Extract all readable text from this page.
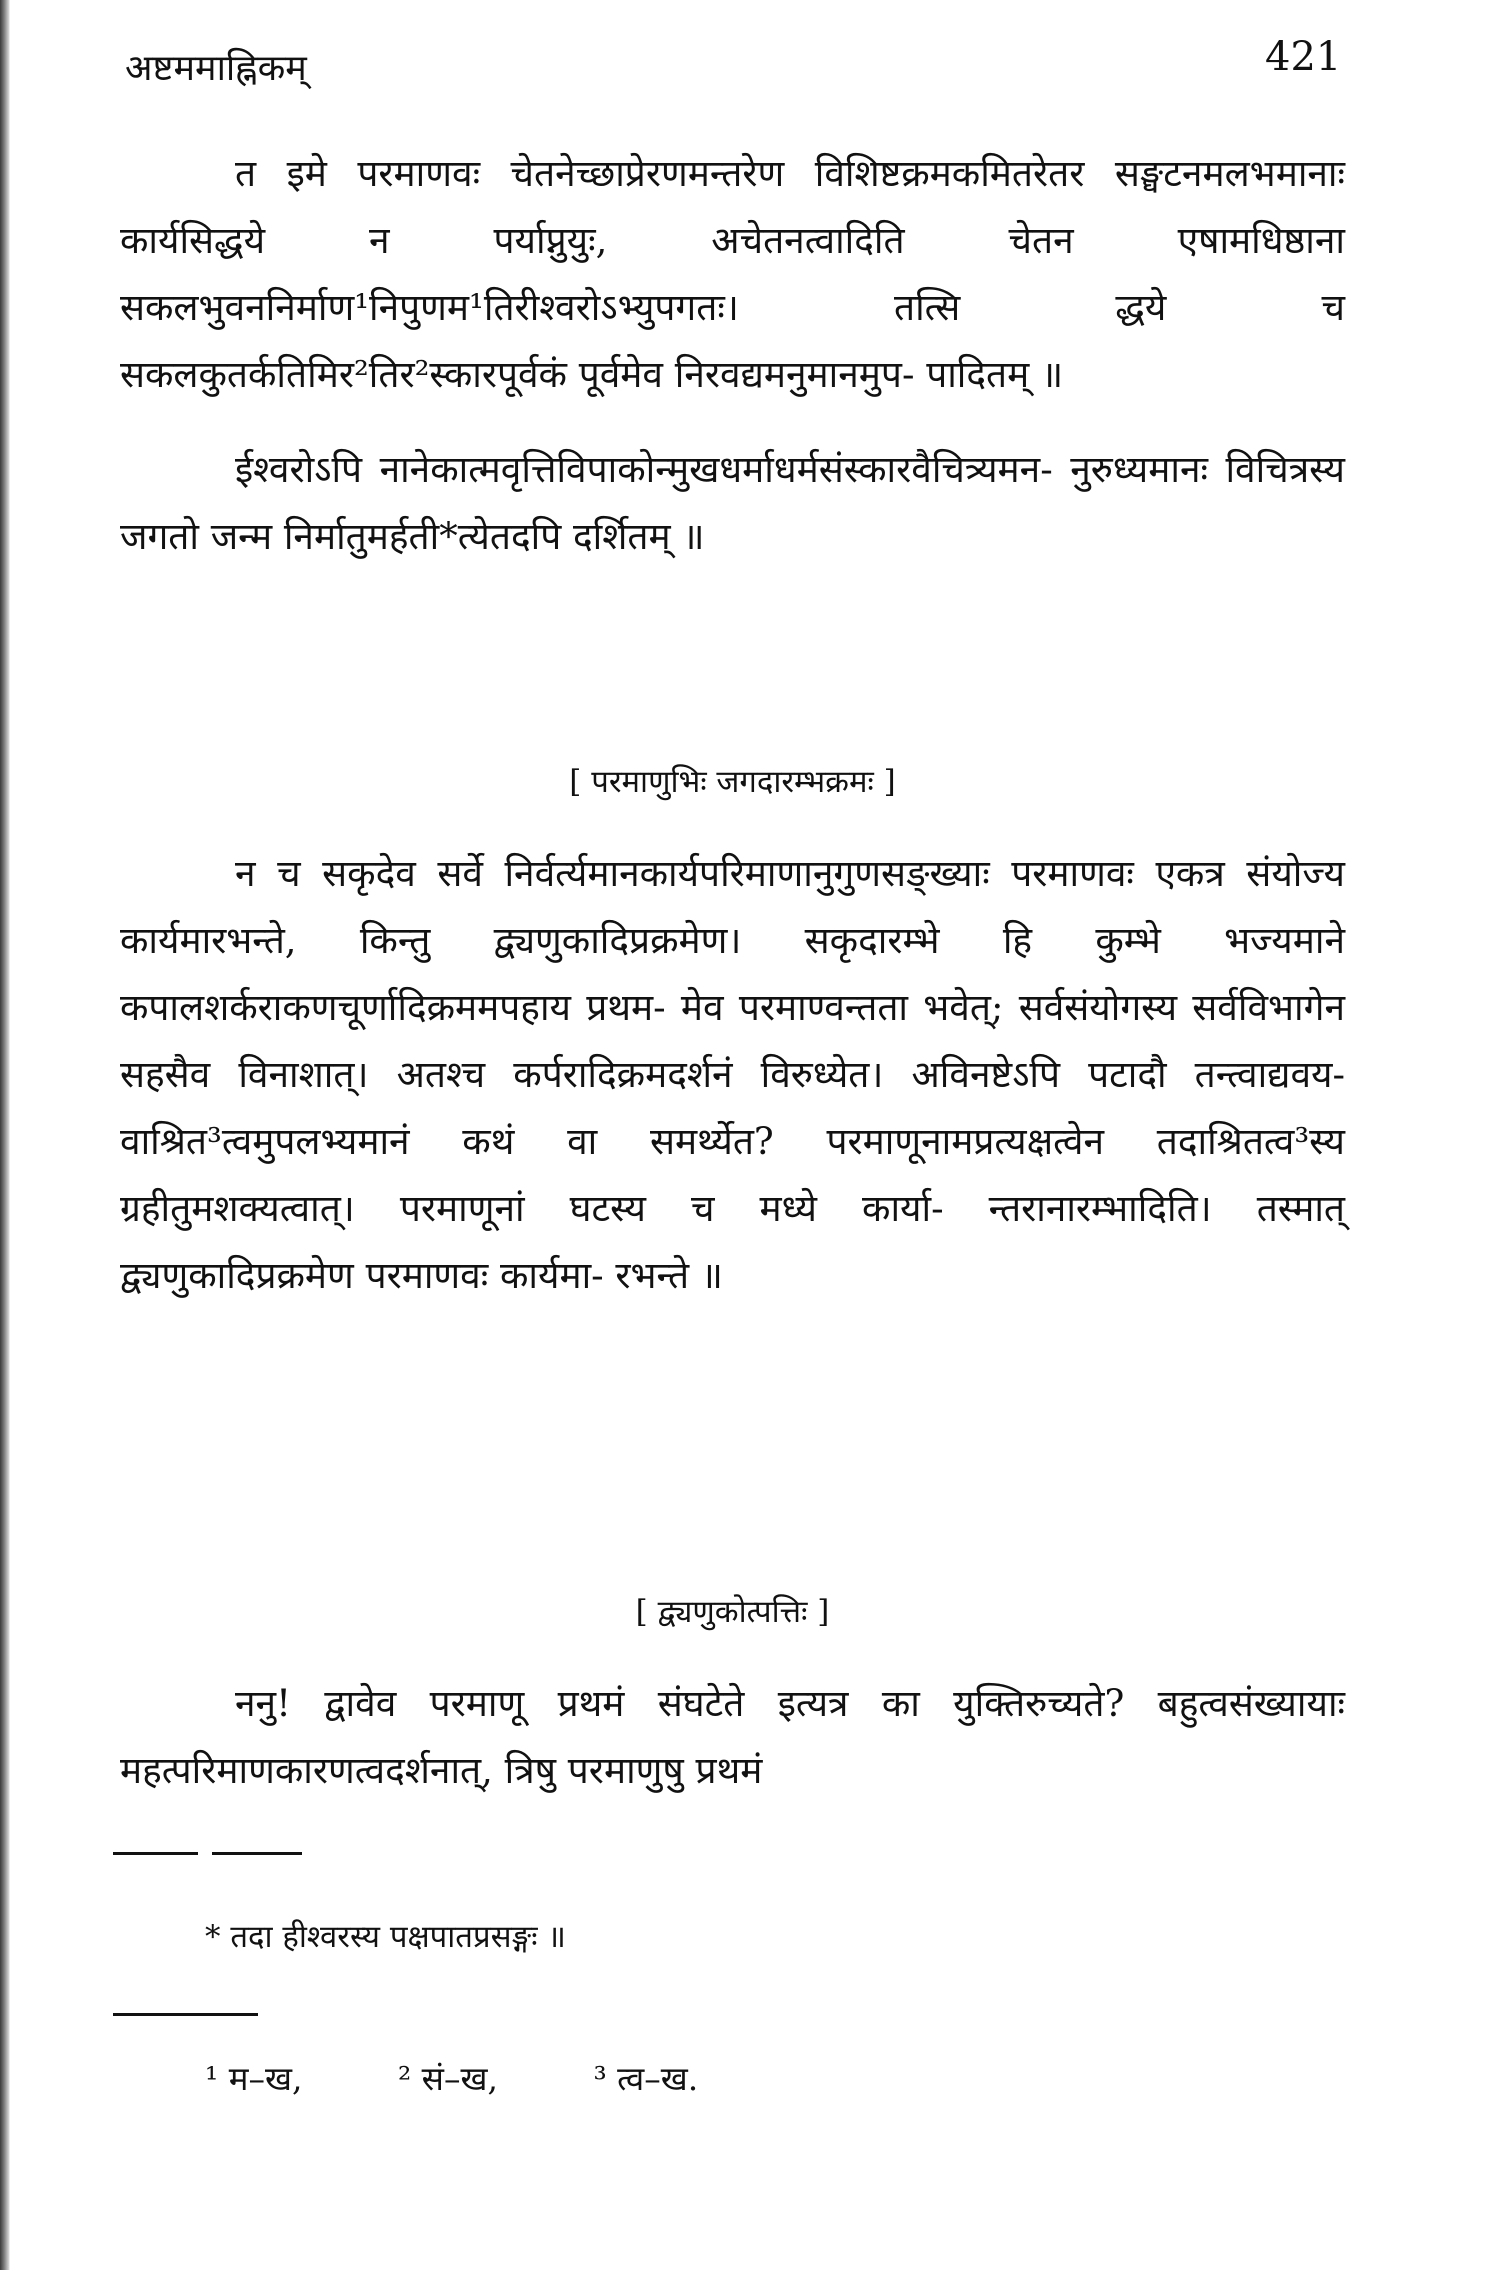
अष्टममाह्निकम्	421

त इमे परमाणवः चेतनेच्छाप्रेरणमन्तरेण विशिष्टक्रमकमितरेतर सङ्घटनमलभमानाः कार्यसिद्धये न पर्याप्नुयुः, अचेतनत्वादिति चेतन एषामधिष्ठाना सकलभुवननिर्माण¹निपुणम¹तिरीश्वरोऽभ्युपगतः। तत्सि द्धये च सकलकुतर्कतिमिर²तिर²स्कारपूर्वकं पूर्वमेव निरवद्यमनुमानमुप- पादितम् ॥

ईश्वरोऽपि नानेकात्मवृत्तिविपाकोन्मुखधर्माधर्मसंस्कारवैचित्र्यमन- नुरुध्यमानः विचित्रस्य जगतो जन्म निर्मातुमर्हती*त्येतदपि दर्शितम् ॥

[ परमाणुभिः जगदारम्भक्रमः ]

न च सकृदेव सर्वे निर्वर्त्यमानकार्यपरिमाणानुगुणसङ्ख्याः परमाणवः एकत्र संयोज्य कार्यमारभन्ते, किन्तु द्व्यणुकादिप्रक्रमेण। सकृदारम्भे हि कुम्भे भज्यमाने कपालशर्कराकणचूर्णादिक्रममपहाय प्रथम- मेव परमाण्वन्तता भवेत्; सर्वसंयोगस्य सर्वविभागेन सहसैव विनाशात्। अतश्च कर्परादिक्रमदर्शनं विरुध्येत। अविनष्टेऽपि पटादौ तन्त्वाद्यवय- वाश्रित³त्वमुपलभ्यमानं कथं वा समर्थ्येत? परमाणूनामप्रत्यक्षत्वेन तदाश्रितत्व³स्य ग्रहीतुमशक्यत्वात्। परमाणूनां घटस्य च मध्ये कार्या- न्तरानारम्भादिति। तस्मात् द्व्यणुकादिप्रक्रमेण परमाणवः कार्यमा- रभन्ते ॥

[ द्व्यणुकोत्पत्तिः ]

ननु! द्वावेव परमाणू प्रथमं संघटेते इत्यत्र का युक्तिरुच्यते? बहुत्वसंख्यायाः महत्परिमाणकारणत्वदर्शनात्, त्रिषु परमाणुषु प्रथमं

* तदा हीश्वरस्य पक्षपातप्रसङ्गः ॥
¹ म–ख,	² सं–ख,	³ त्व–ख.
